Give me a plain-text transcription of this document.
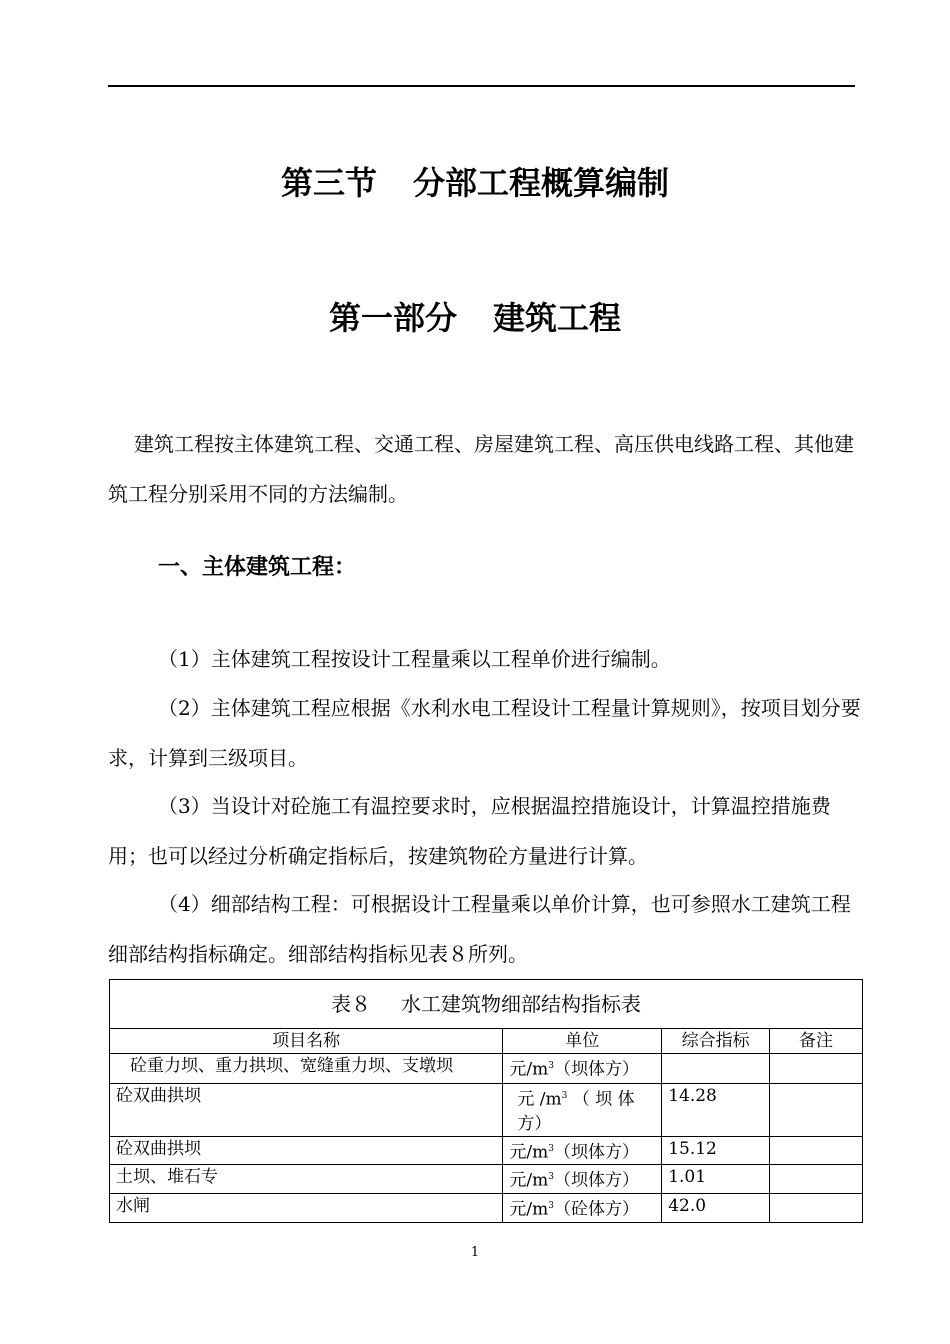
第三节 分部工程概算编制
第一部分 建筑工程

建筑工程按主体建筑工程、交通工程、房屋建筑工程、高压供电线路工程、其他建筑工程分别采用不同的方法编制。

一、主体建筑工程：

（1）主体建筑工程按设计工程量乘以工程单价进行编制。

（2）主体建筑工程应根据《水利水电工程设计工程量计算规则》，按项目划分要求，计算到三级项目。

（3）当设计对砼施工有温控要求时，应根据温控措施设计，计算温控措施费用；也可以经过分析确定指标后，按建筑物砼方量进行计算。

（4）细部结构工程：可根据设计工程量乘以单价计算，也可参照水工建筑工程细部结构指标确定。细部结构指标见表８所列。

表８ 水工建筑物细部结构指标表			
项目名称	单位	综合指标	备注
砼重力坝、重力拱坝、宽缝重力坝、支墩坝	元$/m^3$（坝体方）		
砼双曲拱坝	元 $/m^3$ （ 坝 体 方）	14.28	
砼双曲拱坝	元$/m^3$（坝体方）	15.12	
土坝、堆石专	元$/m^3$（坝体方）	1.01	
水闸	元$/m^3$（砼体方）	42.0	
1
